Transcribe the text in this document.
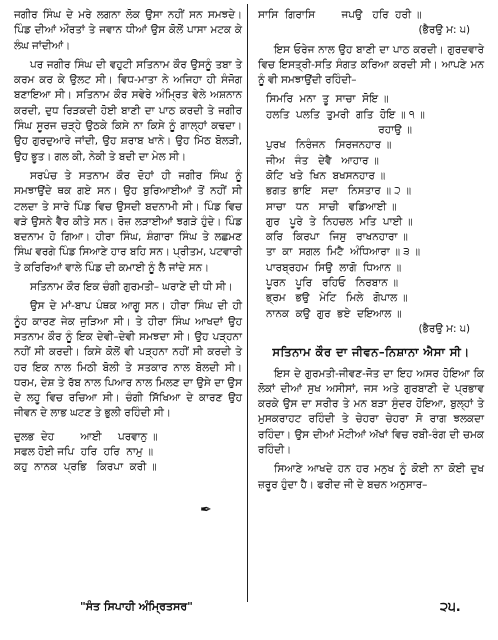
ਜਗੀਰ ਸਿੰਘ ਦੇ ਮਰੇ ਲਗਨਾ ਲੋਕ ਉਸਾ ਨਹੀਂ ਸਨ ਸਮਝਦੇ। ਪਿੰਡ ਦੀਆਂ ਔਰਤਾਂ ਤੇ ਜਵਾਨ ਧੀਆਂ ਉਸ ਕੋਲੋਂ ਪਾਸਾ ਮਟਕ ਕੇ ਲੰਘ ਜਾਂਦੀਆਂ।

ਪਰ ਜਗੀਰ ਸਿੰਘ ਦੀ ਵਹੁਟੀ ਸਤਿਨਾਮ ਕੌਰ ਉਸਨੂੰ ਤਬਾ ਤੇ ਕਰਮ ਕਰ ਕੇ ਉਲਟ ਸੀ। ਵਿਧ-ਮਾਤਾ ਨੇ ਅਜਿਹਾ ਹੀ ਸੰਜੋਗ ਬਣਾਇਆ ਸੀ। ਸਤਿਨਾਮ ਕੌਰ ਸਵੇਰੇ ਅੰਮ੍ਰਿਤ ਵੇਲੇ ਅਸ਼ਨਾਨ ਕਰਦੀ, ਦੁਧ ਰਿੜਕਦੀ ਹੋਈ ਬਾਣੀ ਦਾ ਪਾਠ ਕਰਦੀ ਤੇ ਜਗੀਰ ਸਿੰਘ ਸੂਰਜ ਚੜ੍ਹੇ ਉਠਕੇ ਕਿਸੇ ਨਾ ਕਿਸੇ ਨੂੰ ਗਾਲ੍ਹਾਂ ਕਢਦਾ। ਉਹ ਗੁਰਦੁਆਰੇ ਜਾਂਦੀ, ਉਹ ਸ਼ਰਾਬ ਖਾਨੇ। ਉਹ ਮਿੱਠ ਬੋਲੜੀ, ਉਹ ਭੂਤ। ਗਲ ਕੀ, ਨੇਕੀ ਤੇ ਬਦੀ ਦਾ ਮੇਲ ਸੀ।

ਸਰਪੰਚ ਤੇ ਸਤਨਾਮ ਕੌਰ ਦੋਹਾਂ ਹੀ ਜਗੀਰ ਸਿੰਘ ਨੂੰ ਸਮਝਾਉਂਦੇ ਥਕ ਗਏ ਸਨ। ਉਹ ਬੁਰਿਆਈਆਂ ਤੋਂ ਨਹੀਂ ਸੀ ਟਲਦਾ ਤੇ ਸਾਰੇ ਪਿੰਡ ਵਿਚ ਉਸਦੀ ਬਦਨਾਮੀ ਸੀ। ਪਿੰਡ ਵਿਚ ਵੜੇ ਉਸਨੇ ਵੈਰ ਕੀਤੇ ਸਨ। ਰੋਜ਼ ਲੜਾਈਆਂ ਝਗੜੇ ਹੁੰਦੇ। ਪਿੰਡ ਬਦਨਾਮ ਹੋ ਗਿਆ। ਹੀਰਾ ਸਿੰਘ, ਸ਼ੰਗਾਰਾ ਸਿੰਘ ਤੇ ਲਛਮਣ ਸਿੰਘ ਵਰਗੇ ਪਿੰਡ ਸਿਆਣੇ ਹਾਰ ਬਹਿ ਸਨ। ਪ੍ਰੀਤਮ, ਪਟਵਾਰੀ ਤੇ ਕਰਿਰਿਆਂ ਵਾਲੇ ਪਿੰਡ ਦੀ ਕਮਾਈ ਨੂੰ ਲੈ ਜਾਂਦੇ ਸਨ।

ਸਤਿਨਾਮ ਕੌਰ ਇਕ ਚੰਗੀ ਗੁਰਮਤੀ– ਘਰਾਣੇ ਦੀ ਧੀ ਸੀ।

ਉਸ ਦੇ ਮਾਂ-ਬਾਪ ਪੰਥਕ ਆਗੂ ਸਨ। ਹੀਰਾ ਸਿੰਘ ਦੀ ਹੀ ਨੂੰਹ ਕਾਰਣ ਜੇਕ ਜੁੜਿਆ ਸੀ। ਤੇ ਹੀਰਾ ਸਿੰਘ ਆਖਦਾਂ ਉਹ ਸਤਨਾਮ ਕੌਰ ਨੂੰ ਇਕ ਦੇਵੀ–ਦੇਵੀ ਸਮਝਦਾ ਸੀ। ਉਹ ਪੜ੍ਹਨਾ ਨਹੀਂ ਸੀ ਕਰਦੀ। ਕਿਸੇ ਕੋਲੋਂ ਵੀ ਪੜ੍ਹਨਾ ਨਹੀਂ ਸੀ ਕਰਦੀ ਤੇ ਹਰ ਇਕ ਨਾਲ ਮਿਠੀ ਬੋਲੀ ਤੇ ਸਤਕਾਰ ਨਾਲ ਬੋਲਦੀ ਸੀ। ਧਰਮ, ਦੇਸ਼ ਤੇ ਰੱਬ ਨਾਲ ਪਿਆਰ ਨਾਲ ਮਿਲਣ ਦਾ ਉਸੇ ਦਾ ਉਸ ਦੇ ਲਹੂ ਵਿਚ ਰਚਿਆ ਸੀ। ਚੰਗੀ ਸਿੱਖਿਆ ਦੇ ਕਾਰਣ ਉਹ ਜੀਵਨ ਦੇ ਲਾਭ ਘਟਣ ਤੇ ਭੁਲੀ ਰਹਿੰਦੀ ਸੀ।

ਦੁਲਭ  ਦੇਹ        ਆਈ     ਪਰਵਾਨੁ ॥

ਸਫਲ ਹੋਈ ਜਪਿ  ਹਰਿ  ਹਰਿ  ਨਾਮੁ ॥

ਕਹੁ  ਨਾਨਕ  ਪ੍ਰਭਿ   ਕਿਰਪਾ  ਕਰੀ ॥

✒

ਸਾਸਿ  ਗਿਰਾਸਿ        ਜਪਉ   ਹਰਿ  ਹਰੀ ॥

(ਭੈਰਉ ਮ: ੫)

ਇਸ ਓਰੇਜ ਨਾਲ ਉਹ ਬਾਣੀ ਦਾ ਪਾਠ ਕਰਦੀ। ਗੁਰਦਵਾਰੇ ਵਿਚ ਇਸਤ੍ਰੀ-ਸਤਿ ਸੰਗਤ ਕਰਿਆ ਕਰਦੀ ਸੀ। ਆਪਣੇ ਮਨ ਨੂੰ ਵੀ ਸਮਝਾਉਂਦੀ ਰਹਿੰਦੀ–

ਸਿਮਰਿ  ਮਨਾ  ਤੂ  ਸਾਚਾ  ਸੋਇ ॥

ਹਲਤਿ  ਪਲਤਿ  ਤੁਮਰੀ  ਗਤਿ  ਹੋਇ ॥ ੧ ॥

ਰਹਾਉ ॥

ਪੁਰਖ   ਨਿਰੰਜਨ   ਸਿਰਜਨਹਾਰ ॥

ਜੀਅ   ਜੰਤ   ਦੇਵੈ   ਆਹਾਰ ॥

ਕੋਟਿ  ਖਤੇ  ਖਿਨ  ਬਖਸਨਹਾਰ ॥

ਭਗਤ  ਭਾਇ   ਸਦਾ   ਨਿਸਤਾਰ ॥ ੨ ॥

ਸਾਚਾ   ਧਨ   ਸਾਚੀ   ਵਡਿਆਈ ॥

ਗੁਰ   ਪੂਰੇ  ਤੇ  ਨਿਹਚਲ  ਮਤਿ  ਪਾਈ ॥

ਕਰਿ   ਕਿਰਪਾ   ਜਿਸੁ   ਰਾਖਨਹਾਰਾ ॥

ਤਾ  ਕਾ  ਸਗਲ  ਮਿਟੈ  ਅੰਧਿਆਰਾ ॥ ੩ ॥

ਪਾਰਬ੍ਰਹਮ  ਸਿਉ  ਲਾਗੋ  ਧਿਆਨ ॥

ਪੂਰਨ   ਪੂਰਿ   ਰਹਿਓ   ਨਿਰਬਾਨ ॥

ਭ੍ਰਮ   ਭਉ   ਮੇਟਿ   ਮਿਲੇ   ਗੋਪਾਲ ॥

ਨਾਨਕ  ਕਉ  ਗੁਰ  ਭਏ  ਦਇਆਲ ॥

(ਭੈਰਉ ਮ: ੫)

ਸਤਿਨਾਮ ਕੌਰ ਦਾ ਜੀਵਨ–ਨਿਸ਼ਾਨਾ ਐਸਾ ਸੀ।

ਇਸ ਦੇ ਗੁਰਮਤੀ-ਜੀਵਣ-ਜੋਤ ਦਾ ਇਹ ਅਸਰ ਹੋਇਆ ਕਿ ਲੋਕਾਂ ਦੀਆਂ ਸੁਖ ਅਸੀਸਾਂ, ਜਸ ਅਤੇ ਗੁਰਬਾਣੀ ਦੇ ਪ੍ਰਭਾਵ ਕਰਕੇ ਉਸ ਦਾ ਸਰੀਰ ਤੇ ਮਨ ਬੜਾ ਸੁੰਦਰ ਹੋਇਆ, ਬੁਲ੍ਹਾਂ ਤੇ ਮੁਸਕਰਾਹਟ ਰਹਿੰਦੀ ਤੇ ਚੇਹਰਾ ਚੇਹਰਾ ਸੋ ਰਾਗ ਝਲਕਦਾ ਰਹਿੰਦਾ। ਉਸ ਦੀਆਂ ਮੋਟੀਆਂ ਅੱਖਾਂ ਵਿਚ ਰਬੀ-ਰੰਗ ਦੀ ਚਮਕ ਰਹਿੰਦੀ।

ਸਿਆਣੇ ਆਖਦੇ ਹਨ ਹਰ ਮਨੁਖ ਨੂੰ ਕੋਈ ਨਾ ਕੋਈ ਦੁਖ ਜ਼ਰੂਰ ਹੁੰਦਾ ਹੈ। ਫਰੀਦ ਜੀ ਦੇ ਬਚਨ ਅਨੁਸਾਰ–

"ਸੰਤ ਸਿਪਾਹੀ ਅੰਮ੍ਰਿਤਸਰ"	੨੫.
